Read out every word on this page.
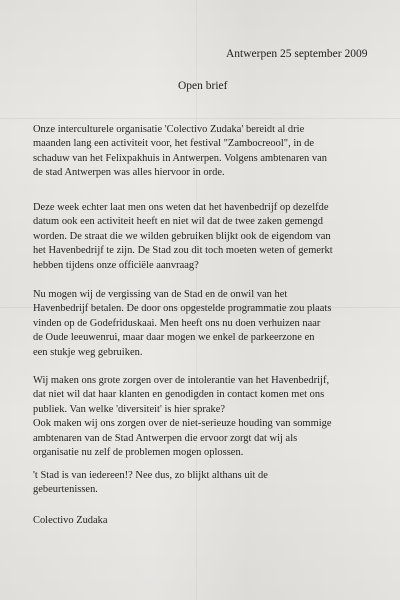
Antwerpen 25 september 2009
Open brief
Onze interculturele organisatie 'Colectivo Zudaka' bereidt al drie
maanden lang een activiteit voor, het festival "Zambocreool", in de
schaduw van het Felixpakhuis in Antwerpen. Volgens ambtenaren van
de stad Antwerpen was alles hiervoor in orde.
Deze week echter laat men ons weten dat het havenbedrijf op dezelfde
datum ook een activiteit heeft en niet wil dat de twee zaken gemengd
worden. De straat die we wilden gebruiken blijkt ook de eigendom van
het Havenbedrijf te zijn. De Stad zou dit toch moeten weten of gemerkt
hebben tijdens onze officiële aanvraag?
Nu mogen wij de vergissing van de Stad en de onwil van het
Havenbedrijf betalen. De door ons opgestelde programmatie zou plaats
vinden op de Godefriduskaai. Men heeft ons nu doen verhuizen naar
de Oude leeuwenrui, maar daar mogen we enkel de parkeerzone en
een stukje weg gebruiken.
Wij maken ons grote zorgen over de intolerantie van het Havenbedrijf,
dat niet wil dat haar klanten en genodigden in contact komen met ons
publiek. Van welke 'diversiteit' is hier sprake?
Ook maken wij ons zorgen over de niet-serieuze houding van sommige
ambtenaren van de Stad Antwerpen die ervoor zorgt dat wij als
organisatie nu zelf de problemen mogen oplossen.
't Stad is van iedereen!? Nee dus, zo blijkt althans uit de
gebeurtenissen.
Colectivo Zudaka
